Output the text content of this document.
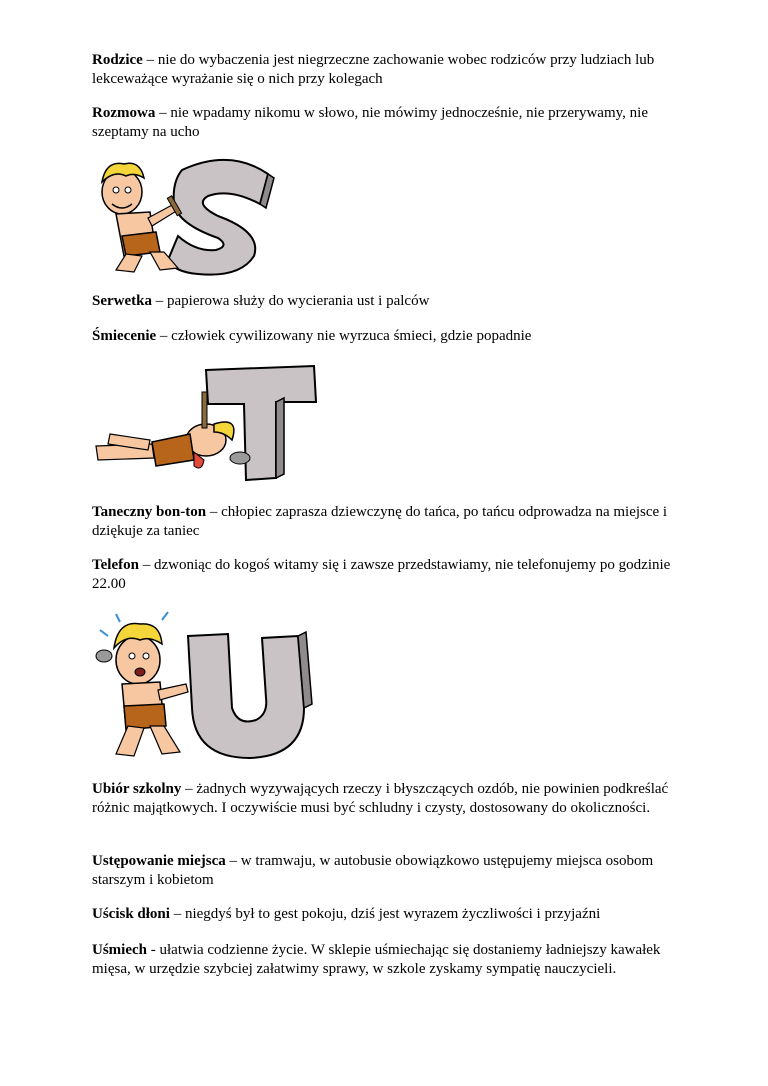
Rodzice – nie do wybaczenia jest niegrzeczne zachowanie wobec rodziców przy ludziach lub lekceważące wyrażanie się o nich przy kolegach

Rozmowa – nie wpadamy nikomu w słowo, nie mówimy jednocześnie, nie przerywamy, nie szeptamy na ucho

Serwetka – papierowa służy do wycierania ust i palców

Śmiecenie – człowiek cywilizowany nie wyrzuca śmieci, gdzie popadnie

Taneczny bon-ton – chłopiec zaprasza dziewczynę do tańca, po tańcu odprowadza na miejsce i dziękuje za taniec

Telefon – dzwoniąc do kogoś witamy się i zawsze przedstawiamy, nie telefonujemy po godzinie 22.00

Ubiór szkolny – żadnych wyzywających rzeczy i błyszczących ozdób, nie powinien podkreślać różnic majątkowych. I oczywiście musi być schludny i czysty, dostosowany do okoliczności.

Ustępowanie miejsca – w tramwaju, w autobusie obowiązkowo ustępujemy miejsca osobom starszym i kobietom

Uścisk dłoni – niegdyś był to gest pokoju, dziś jest wyrazem życzliwości i przyjaźni

Uśmiech - ułatwia codzienne życie. W sklepie uśmiechając się dostaniemy ładniejszy kawałek mięsa, w urzędzie szybciej załatwimy sprawy, w szkole zyskamy sympatię nauczycieli.
